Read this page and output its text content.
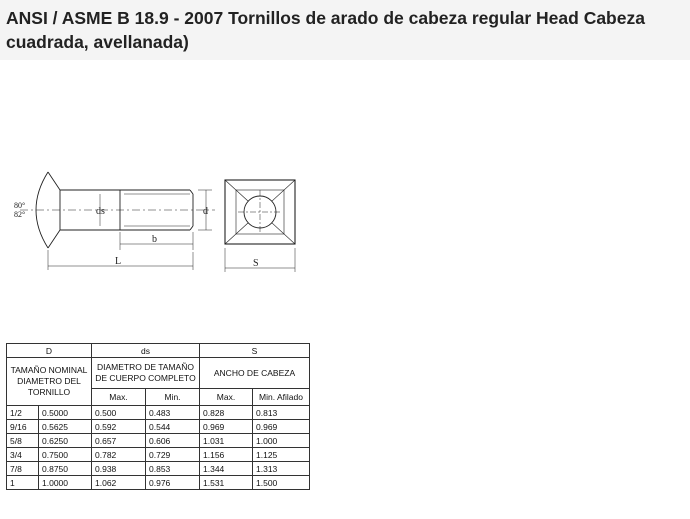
ANSI / ASME B 18.9 - 2007 Tornillos de arado de cabeza regular Head Cabeza cuadrada, avellanada)
80°
82°	ds	d
b
L	S
D		ds		S	
TAMAÑO NOMINAL DIAMETRO DEL TORNILLO		DIAMETRO DE TAMAÑO DE CUERPO COMPLETO		ANCHO DE CABEZA	
		Max.	Min.	Max.	Min. Afilado
1/2	0.5000	0.500	0.483	0.828	0.813
9/16	0.5625	0.592	0.544	0.969	0.969
5/8	0.6250	0.657	0.606	1.031	1.000
3/4	0.7500	0.782	0.729	1.156	1.125
7/8	0.8750	0.938	0.853	1.344	1.313
1	1.0000	1.062	0.976	1.531	1.500
